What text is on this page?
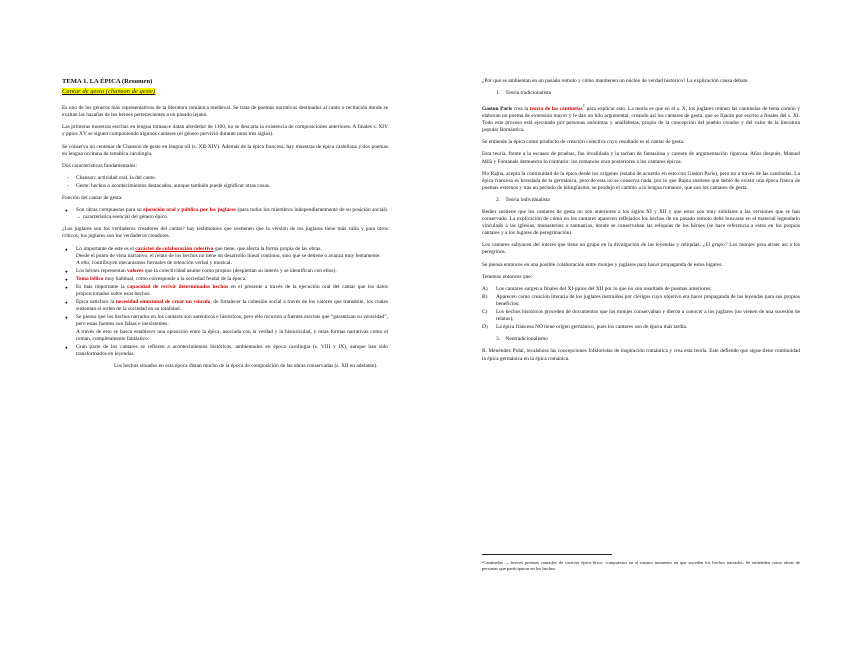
TEMA 1. LA ÉPICA (Resumen)

Cantar de gesta (chanson de geste)

Es uno de los géneros más representativos de la literatura románica medieval. Se trata de poemas narrativos destinados al canto o recitación donde se exaltan las hazañas de los héroes pertenecientes a un pasado lejano.

Las primeras muestras escritas en lengua romance datan alrededor de 1100, no se descarta la existencia de composiciones anteriores. A finales s. XIV y ppios XV se siguen componiendo algunos cantares (el género pervivió durante unos tres siglos).

Se conserva un centenar de Chanson de geste en lengua oïl (s. XII-XIV). Además de la épica francesa, hay muestras de épica castellana y dos poemas en lengua occitana de temática carolingia.

Dos características fundamentales:

- Chanson: actividad oral, la del canto.
- Geste: hechos o acontecimientos destacados, aunque también puede significar otras cosas.

Función del cantar de gesta:

● Son obras compuestas para su ejecución oral y pública por los juglares (para todos los miembros independientemente de su posición social). → característica esencial del género épico.

¿Los juglares son los verdaderos creadores del cantar? hay testimonios que sostienen que la versión de los juglares tiene más valía y para otros críticos, los juglares son los verdaderos creadores.

● Lo importante de este es el carácter de colaboración colectiva que tiene, que afecta la forma propia de las obras.
Desde el punto de vista narrativo, el relato de los hechos no tiene un desarrollo lineal continuo, sino que se detiene o avanza muy lentamente.
A ello, contribuyen mecanismos formales de retención verbal y musical.
● Los héroes representan valores que la colectividad asume como propios (despiertan su interés y se identifican con ellos).
● Tema bélico muy habitual, como corresponde a la sociedad feudal de la época.
● Es más importante la capacidad de revivir determinados hechos en el presente a través de la ejecución oral del cantar que los datos proporcionados sobre esos hechos.
● Épica satisface la necesidad emocional de crear un vínculo, de fortalecer la cohesión social a través de los valores que transmite, los cuales sustentan el orden de la sociedad en su totalidad.
● Se piensa que los hechos narrados en los cantares son auténticos e históricos, pero ello recurren a fuentes escritas que “garantizan su veracidad”, pero estas fuentes son falsas e inexistentes.
A través de esto se busca establecer una oposición entre la épica, asociada con la verdad y la historicidad, y otras formas narrativas como el roman, completamente fantástico.
● Gran parte de los cantares se refieren a acontecimientos históricos, ambientados en época carolingia (s. VIII y IX), aunque han sido transformados en leyendas.

Los hechos situados en esta época distan mucho de la época de composición de las obras conservadas (s. XII en adelante).

¿Por qué se ambientan en un pasado remoto y cómo mantienen un núcleo de verdad histórico? La explicación causa debate.

1.    Teoría tradicionalista

Gaston Paris crea la teoría de las cantinelas$^1$ para explicar esto. La teoría es que en el s. X, los juglares reúnen las cantinelas de tema común y elaboran un poema de extensión mayor y le dan un hilo argumental, creando así los cantares de gesta, que se fijarán por escrito a finales del s. XI. Todo este proceso está ejecutado por personas anónimas y analfabetas, propio de la concepción del pueblo creador y del valor de la literatura popular Romántica.

Se entiende la épica como producto de creación colectiva cuyo resultado es el cantar de gesta.

Esta teoría, frente a la escasez de pruebas, fue invalidada y la tachan de fantasiosa y carente de argumentación rigurosa. Años después, Manuel Milà y Fontanals demuestra lo contrario: los romances eran posteriores a los cantares épicos.

Pio Rajna, acepta la continuidad de la épica desde los orígenes (estaba de acuerdo en esto con Gaston Paris), pero no a través de las cantinelas. La épica francesa es heredada de la germánica, pero de esta no se conserva nada, por lo que Rajna sostiene que debió de existir una época franca de poemas externos y tras un período de bilingüismo, se produjo el cambio a la lengua romance, que son los cantares de gesta.

2.    Teoría individualista

Bedier sostiene que los cantares de gesta no son anteriores a los siglos XI y XII y que estos son muy similares a las versiones que se han conservado. La explicación de cómo en los cantares aparecen reflejados los hechos de un pasado remoto debe buscarse en el material legendario vinculado a las iglesias, monasterios o santuarios, donde se conservaban las reliquias de los héroes (se hace referencia a estos en los propios cantares y a los lugares de peregrinación).

Los cantares subyacen del interés que tiene un grupo en la divulgación de las leyendas y reliquias. ¿El grupo? Los monjes para atraer así a los peregrinos.

Se piensa entonces en una posible colaboración entre monjes y juglares para hacer propaganda de estos lugares.

Tenemos entonces que:

A) Los cantares surgen a finales del XI-ppios del XII por lo que no son resultado de poemas anteriores;
B) Aparecen como creación literaria de los juglares instruidos por clérigos cuyo objetivo era hacer propaganda de las leyendas para sus propios beneficios;
C) Los hechos históricos proceden de documentos que los monjes conservaban y dieron a conocer a los juglares (no vienen de una sucesión de relatos);
D) La épica francesa NO tiene origen germánico, pues los cantares son de época más tardía.

3.    Neotradicionalismo

R. Menéndez Pidal, recalsbora las concepciones folkloristas de inspiración romántica y crea esta teoría. Este defiende que sigue tiene continuidad la épica germánica en la épica románica.

¹Cantinelas → breves poemas cantados de carácter épico-lírico, compuestos en el mismo momento en que suceden los hechos narrados. Se entienden como obras de personas que participaron en los hechos.
